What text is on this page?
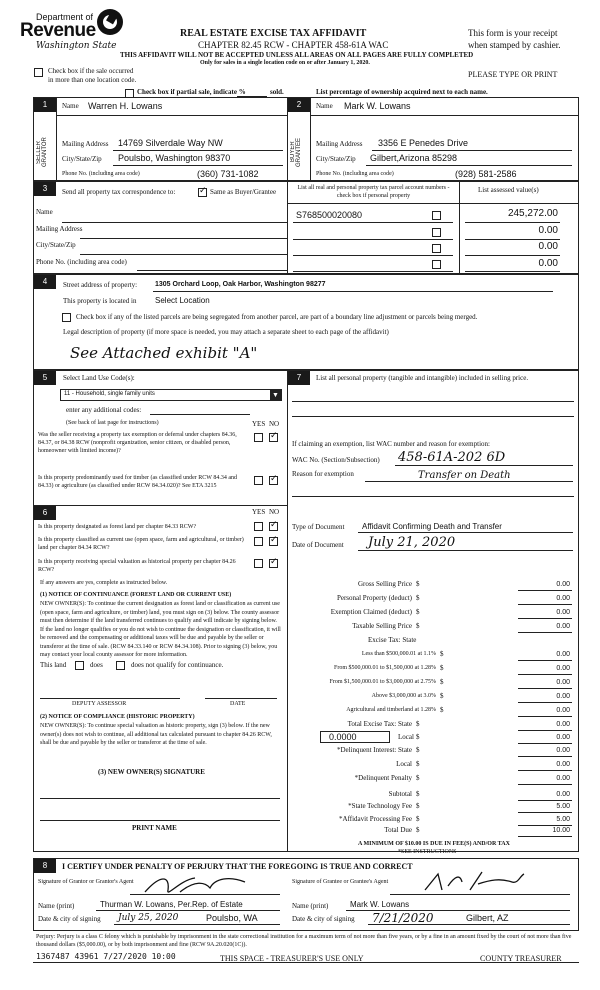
Department of
Revenue
Washington State
REAL ESTATE EXCISE TAX AFFIDAVIT
CHAPTER 82.45 RCW - CHAPTER 458-61A WAC
THIS AFFIDAVIT WILL NOT BE ACCEPTED UNLESS ALL AREAS ON ALL PAGES ARE FULLY COMPLETED
Only for sales in a single location code on or after January 1, 2020.
This form is your receipt
when stamped by cashier.
PLEASE TYPE OR PRINT
Check box if the sale occurred
in more than one location code.
Check box if partial sale, indicate %	sold.	List percentage of ownership acquired next to each name.
1
SELLER GRANTOR
Name Warren H. Lowans
Mailing Address 14769 Silverdale Way NW
City/State/Zip Poulsbo, Washington 98370
Phone No. (including area code)	(360) 731-1082
2
BUYER GRANTEE
Name Mark W. Lowans
Mailing Address 3356 E Penedes Drive
City/State/Zip Gilbert,Arizona 85298
Phone No. (including area code)	(928) 581-2586
3	Send all property tax correspondence to:
✓	Same as Buyer/Grantee	List all real and personal property tax parcel account numbers - check box if personal property
List assessed value(s)
Name
Mailing Address
City/State/Zip
Phone No. (including area code)
S768500020080	245,272.00
0.00
0.00
0.00
4	Street address of property:	1305 Orchard Loop, Oak Harbor, Washington 98277
This property is located in Select Location
Check box if any of the listed parcels are being segregated from another parcel, are part of a boundary line adjustment or parcels being merged.
Legal description of property (if more space is needed, you may attach a separate sheet to each page of the affidavit)
See Attached exhibit "A"
5	Select Land Use Code(s):
11 - Household, single family units	▼
enter any additional codes:
(See back of last page for instructions)	YES NO
Was the seller receiving a property tax exemption or deferral under chapters 84.36, 84.37, or 84.38 RCW (nonprofit organization, senior citizen, or disabled person, homeowner with limited income)?
✓
Is this property predominantly used for timber (as classified under RCW 84.34 and 84.33) or agriculture (as classified under RCW 84.34.020)? See ETA 3215
✓
6	YES NO
Is this property designated as forest land per chapter 84.33 RCW?
✓
Is this property classified as current use (open space, farm and agricultural, or timber) land per chapter 84.34 RCW?
✓
Is this property receiving special valuation as historical property per chapter 84.26 RCW?
✓
If any answers are yes, complete as instructed below.
(1) NOTICE OF CONTINUANCE (FOREST LAND OR CURRENT USE)
NEW OWNER(S): To continue the current designation as forest land or classification as current use (open space, farm and agriculture, or timber) land, you must sign on (3) below. The county assessor must then determine if the land transferred continues to qualify and will indicate by signing below. If the land no longer qualifies or you do not wish to continue the designation or classification, it will be removed and the compensating or additional taxes will be due and payable by the seller or transferor at the time of sale. (RCW 84.33.140 or RCW 84.34.108). Prior to signing (3) below, you may contact your local county assessor for more information.
This land	does	does not qualify for continuance.
DEPUTY ASSESSOR	DATE
(2) NOTICE OF COMPLIANCE (HISTORIC PROPERTY)
NEW OWNER(S): To continue special valuation as historic property, sign (3) below. If the new owner(s) does not wish to continue, all additional tax calculated pursuant to chapter 84.26 RCW, shall be due and payable by the seller or transferor at the time of sale.
(3) NEW OWNER(S) SIGNATURE
PRINT NAME
7	List all personal property (tangible and intangible) included in selling price.
If claiming an exemption, list WAC number and reason for exemption:
WAC No. (Section/Subsection) 458-61A-202 6D
Reason for exemption	Transfer on Death
Type of Document Affidavit Confirming Death and Transfer
Date of Document July 21, 2020
Gross Selling Price $	0.00
Personal Property (deduct) $	0.00
Exemption Claimed (deduct) $	0.00
Taxable Selling Price $	0.00
Excise Tax: State
Less than $500,000.01 at 1.1% $	0.00
From $500,000.01 to $1,500,000 at 1.28% $	0.00
From $1,500,000.01 to $3,000,000 at 2.75% $	0.00
Above $3,000,000 at 3.0% $	0.00
Agricultural and timberland at 1.28% $	0.00
Total Excise Tax: State $	0.00
0.0000	Local $	0.00
*Delinquent Interest: State $	0.00
Local $	0.00
*Delinquent Penalty $	0.00
Subtotal $	0.00
*State Technology Fee $	5.00
*Affidavit Processing Fee $	5.00
Total Due $	10.00
A MINIMUM OF $10.00 IS DUE IN FEE(S) AND/OR TAX
*SEE INSTRUCTIONS
8	I CERTIFY UNDER PENALTY OF PERJURY THAT THE FOREGOING IS TRUE AND CORRECT
Signature of Grantor or Grantor's Agent
Name (print)	Thurman W. Lowans, Per.Rep. of Estate
Date & city of signing July 25, 2020	Poulsbo, WA
Signature of Grantee or Grantee's Agent
Name (print)	Mark W. Lowans
Date & city of signing 7/21/2020	Gilbert, AZ
Perjury: Perjury is a class C felony which is punishable by imprisonment in the state correctional institution for a maximum term of not more than five years, or by a fine in an amount fixed by the court of not more than five thousand dollars ($5,000.00), or by both imprisonment and fine (RCW 9A.20.020(1C)).
1367487 43961 7/27/2020 10:00	THIS SPACE - TREASURER'S USE ONLY	COUNTY TREASURER
